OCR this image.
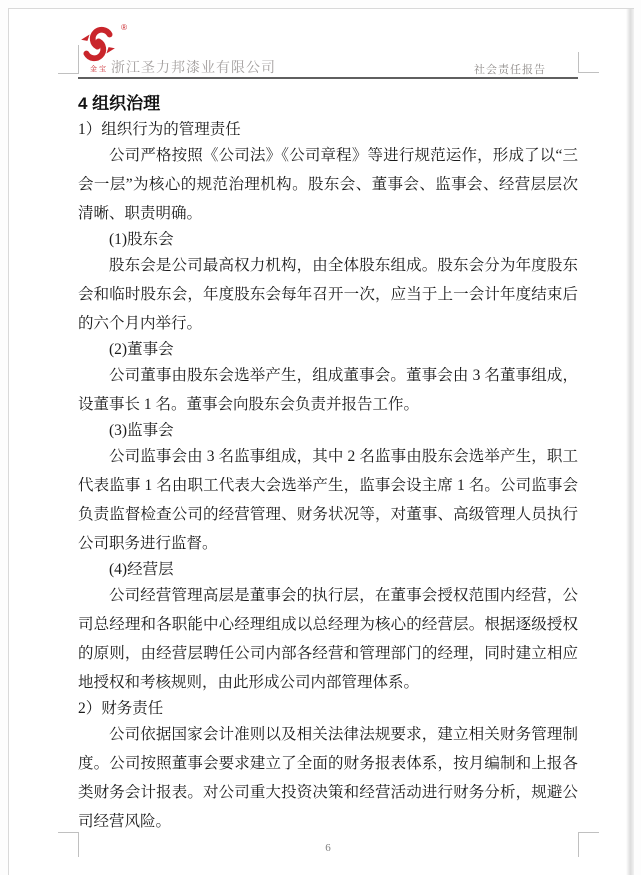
®
金宝 浙江圣力邦漆业有限公司	社会责任报告
4 组织治理
1）组织行为的管理责任

公司严格按照《公司法》《公司章程》等进行规范运作，形成了以“三会一层”为核心的规范治理机构。股东会、董事会、监事会、经营层层次清晰、职责明确。

(1)股东会

股东会是公司最高权力机构，由全体股东组成。股东会分为年度股东会和临时股东会，年度股东会每年召开一次，应当于上一会计年度结束后的六个月内举行。

(2)董事会

公司董事由股东会选举产生，组成董事会。董事会由 3 名董事组成，设董事长 1 名。董事会向股东会负责并报告工作。

(3)监事会

公司监事会由 3 名监事组成，其中 2 名监事由股东会选举产生，职工代表监事 1 名由职工代表大会选举产生，监事会设主席 1 名。公司监事会负责监督检查公司的经营管理、财务状况等，对董事、高级管理人员执行公司职务进行监督。

(4)经营层

公司经营管理高层是董事会的执行层，在董事会授权范围内经营，公司总经理和各职能中心经理组成以总经理为核心的经营层。根据逐级授权的原则，由经营层聘任公司内部各经营和管理部门的经理，同时建立相应地授权和考核规则，由此形成公司内部管理体系。

2）财务责任

公司依据国家会计准则以及相关法律法规要求，建立相关财务管理制度。公司按照董事会要求建立了全面的财务报表体系，按月编制和上报各类财务会计报表。对公司重大投资决策和经营活动进行财务分析，规避公司经营风险。

6
